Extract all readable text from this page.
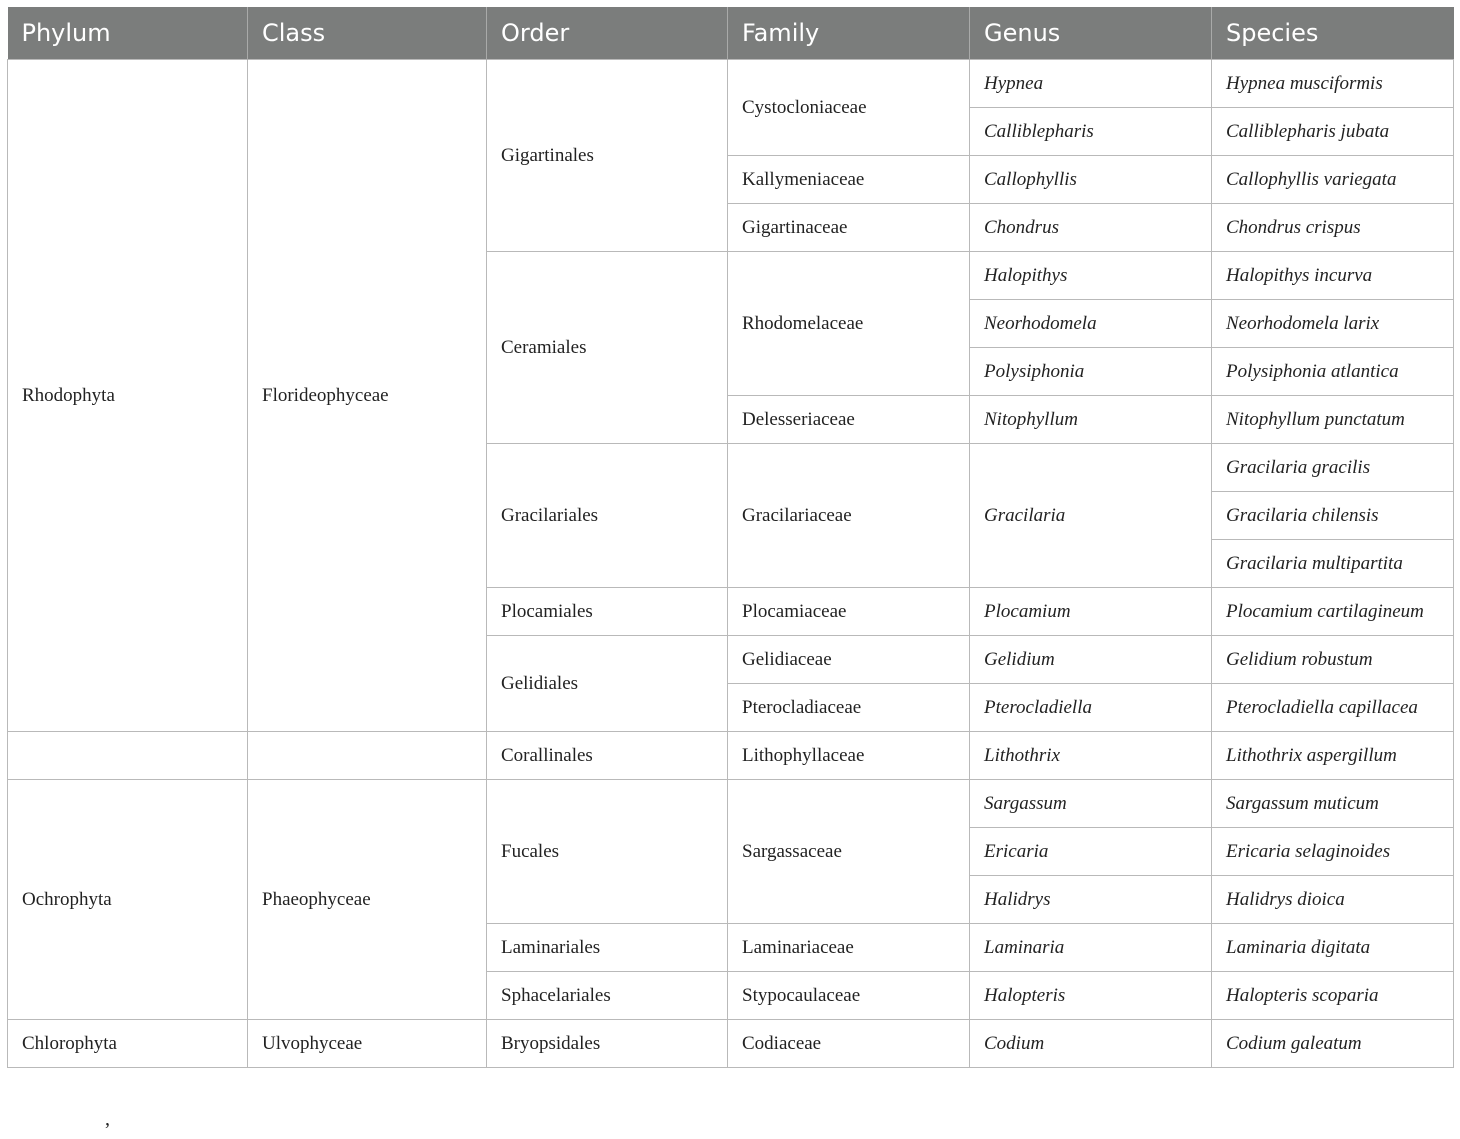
Phylum	Class	Order	Family	Genus	Species
Rhodophyta	Florideophyceae	Gigartinales	Cystocloniaceae	Hypnea	Hypnea musciformis
				Calliblepharis	Calliblepharis jubata
			Kallymeniaceae	Callophyllis	Callophyllis variegata
			Gigartinaceae	Chondrus	Chondrus crispus
		Ceramiales	Rhodomelaceae	Halopithys	Halopithys incurva
				Neorhodomela	Neorhodomela larix
				Polysiphonia	Polysiphonia atlantica
			Delesseriaceae	Nitophyllum	Nitophyllum punctatum
		Gracilariales	Gracilariaceae	Gracilaria	Gracilaria gracilis
					Gracilaria chilensis
					Gracilaria multipartita
		Plocamiales	Plocamiaceae	Plocamium	Plocamium cartilagineum
		Gelidiales	Gelidiaceae	Gelidium	Gelidium robustum
			Pterocladiaceae	Pterocladiella	Pterocladiella capillacea
		Corallinales	Lithophyllaceae	Lithothrix	Lithothrix aspergillum
Ochrophyta	Phaeophyceae	Fucales	Sargassaceae	Sargassum	Sargassum muticum
				Ericaria	Ericaria selaginoides
				Halidrys	Halidrys dioica
		Laminariales	Laminariaceae	Laminaria	Laminaria digitata
		Sphacelariales	Stypocaulaceae	Halopteris	Halopteris scoparia
Chlorophyta	Ulvophyceae	Bryopsidales	Codiaceae	Codium	Codium galeatum
,
